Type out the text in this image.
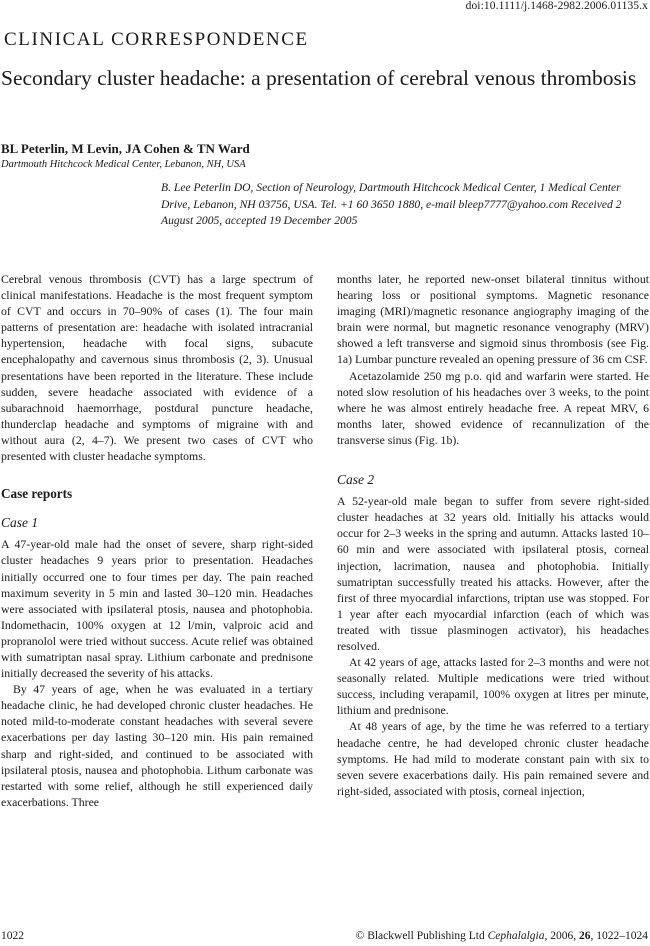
doi:10.1111/j.1468-2982.2006.01135.x
CLINICAL CORRESPONDENCE
Secondary cluster headache: a presentation of cerebral venous thrombosis
BL Peterlin, M Levin, JA Cohen & TN Ward
Dartmouth Hitchcock Medical Center, Lebanon, NH, USA
B. Lee Peterlin DO, Section of Neurology, Dartmouth Hitchcock Medical Center, 1 Medical Center Drive, Lebanon, NH 03756, USA. Tel. +1 60 3650 1880, e-mail bleep7777@yahoo.com Received 2 August 2005, accepted 19 December 2005

Cerebral venous thrombosis (CVT) has a large spectrum of clinical manifestations. Headache is the most frequent symptom of CVT and occurs in 70–90% of cases (1). The four main patterns of presentation are: headache with isolated intracranial hypertension, headache with focal signs, subacute encephalopathy and cavernous sinus thrombosis (2, 3). Unusual presentations have been reported in the literature. These include sudden, severe headache associated with evidence of a subarachnoid haemorrhage, postdural puncture headache, thunderclap headache and symptoms of migraine with and without aura (2, 4–7). We present two cases of CVT who presented with cluster headache symptoms.

Case reports

Case 1

A 47-year-old male had the onset of severe, sharp right-sided cluster headaches 9 years prior to presentation. Headaches initially occurred one to four times per day. The pain reached maximum severity in 5 min and lasted 30–120 min. Headaches were associated with ipsilateral ptosis, nausea and photophobia. Indomethacin, 100% oxygen at 12 l/min, valproic acid and propranolol were tried without success. Acute relief was obtained with sumatriptan nasal spray. Lithium carbonate and prednisone initially decreased the severity of his attacks.

By 47 years of age, when he was evaluated in a tertiary headache clinic, he had developed chronic cluster headaches. He noted mild-to-moderate constant headaches with several severe exacerbations per day lasting 30–120 min. His pain remained sharp and right-sided, and continued to be associated with ipsilateral ptosis, nausea and photophobia. Lithum carbonate was restarted with some relief, although he still experienced daily exacerbations. Three

months later, he reported new-onset bilateral tinnitus without hearing loss or positional symptoms. Magnetic resonance imaging (MRI)/magnetic resonance angiography imaging of the brain were normal, but magnetic resonance venography (MRV) showed a left transverse and sigmoid sinus thrombosis (see Fig. 1a) Lumbar puncture revealed an opening pressure of 36 cm CSF.

Acetazolamide 250 mg p.o. qid and warfarin were started. He noted slow resolution of his headaches over 3 weeks, to the point where he was almost entirely headache free. A repeat MRV, 6 months later, showed evidence of recannulization of the transverse sinus (Fig. 1b).

Case 2

A 52-year-old male began to suffer from severe right-sided cluster headaches at 32 years old. Initially his attacks would occur for 2–3 weeks in the spring and autumn. Attacks lasted 10–60 min and were associated with ipsilateral ptosis, corneal injection, lacrimation, nausea and photophobia. Initially sumatriptan successfully treated his attacks. However, after the first of three myocardial infarctions, triptan use was stopped. For 1 year after each myocardial infarction (each of which was treated with tissue plasminogen activator), his headaches resolved.

At 42 years of age, attacks lasted for 2–3 months and were not seasonally related. Multiple medications were tried without success, including verapamil, 100% oxygen at litres per minute, lithium and prednisone.

At 48 years of age, by the time he was referred to a tertiary headache centre, he had developed chronic cluster headache symptoms. He had mild to moderate constant pain with six to seven severe exacerbations daily. His pain remained severe and right-sided, associated with ptosis, corneal injection,

1022	© Blackwell Publishing Ltd Cephalalgia, 2006, 26, 1022–1024
